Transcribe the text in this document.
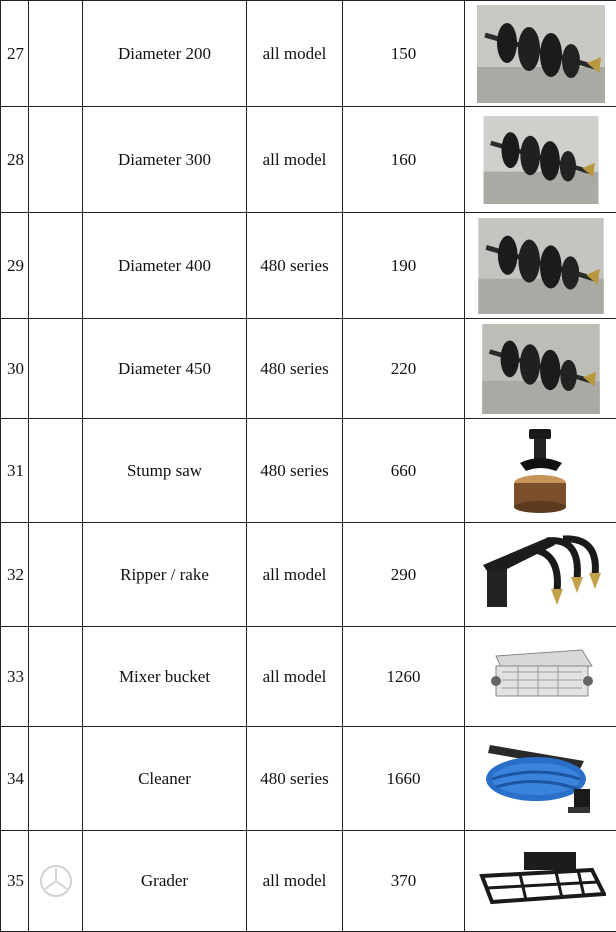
27		Diameter 200	all model	150	

28		Diameter 300	all model	160	

29		Diameter 400	480 series	190	

30		Diameter 450	480 series	220	

31		Stump saw	480 series	660	

32		Ripper / rake	all model	290	

33		Mixer bucket	all model	1260	

34		Cleaner	480 series	1660	

35		Grader	all model	370	
